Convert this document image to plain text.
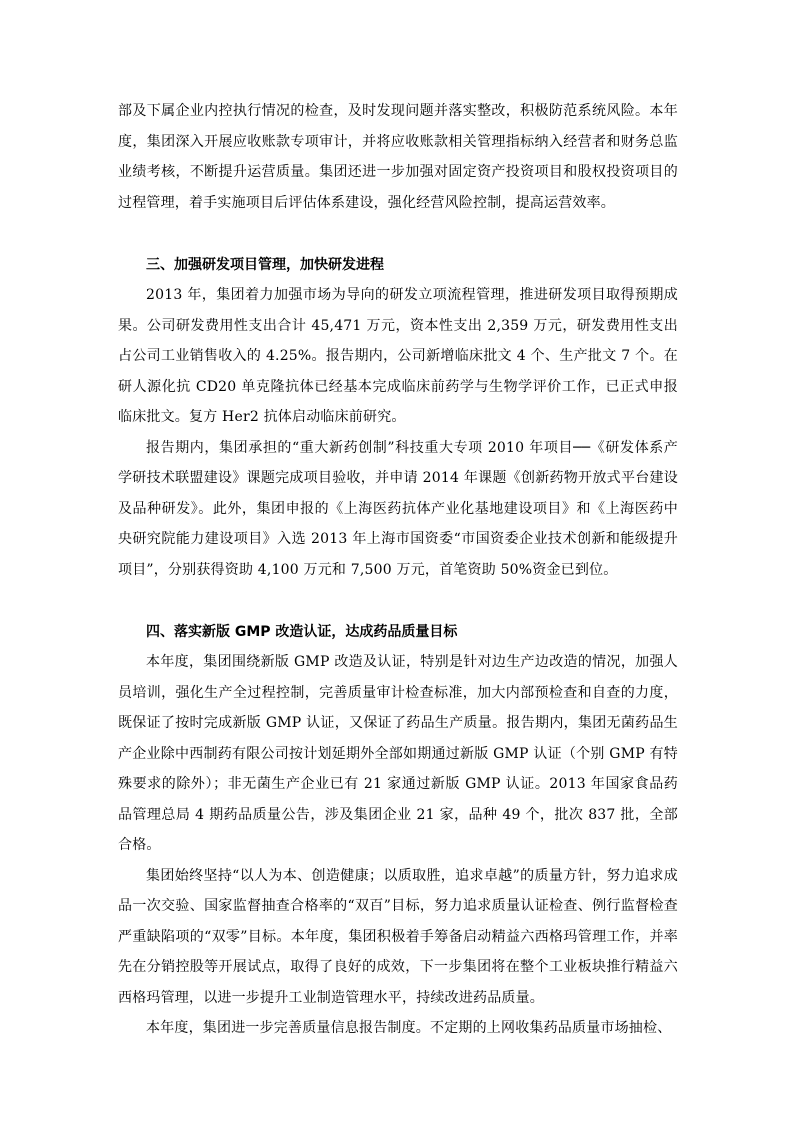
部及下属企业内控执行情况的检查，及时发现问题并落实整改，积极防范系统风险。本年度，集团深入开展应收账款专项审计，并将应收账款相关管理指标纳入经营者和财务总监业绩考核，不断提升运营质量。集团还进一步加强对固定资产投资项目和股权投资项目的过程管理，着手实施项目后评估体系建设，强化经营风险控制，提高运营效率。

三、加强研发项目管理，加快研发进程

2013 年，集团着力加强市场为导向的研发立项流程管理，推进研发项目取得预期成果。公司研发费用性支出合计 45,471 万元，资本性支出 2,359 万元，研发费用性支出占公司工业销售收入的 4.25%。报告期内，公司新增临床批文 4 个、生产批文 7 个。在研人源化抗 CD20 单克隆抗体已经基本完成临床前药学与生物学评价工作，已正式申报临床批文。复方 Her2 抗体启动临床前研究。

报告期内，集团承担的“重大新药创制”科技重大专项 2010 年项目──《研发体系产学研技术联盟建设》课题完成项目验收，并申请 2014 年课题《创新药物开放式平台建设及品种研发》。此外，集团申报的《上海医药抗体产业化基地建设项目》和《上海医药中央研究院能力建设项目》入选 2013 年上海市国资委“市国资委企业技术创新和能级提升项目”，分别获得资助 4,100 万元和 7,500 万元，首笔资助 50%资金已到位。

四、落实新版 GMP 改造认证，达成药品质量目标

本年度，集团围绕新版 GMP 改造及认证，特别是针对边生产边改造的情况，加强人员培训，强化生产全过程控制，完善质量审计检查标准，加大内部预检查和自查的力度，既保证了按时完成新版 GMP 认证，又保证了药品生产质量。报告期内，集团无菌药品生产企业除中西制药有限公司按计划延期外全部如期通过新版 GMP 认证（个别 GMP 有特殊要求的除外）；非无菌生产企业已有 21 家通过新版 GMP 认证。2013 年国家食品药品管理总局 4 期药品质量公告，涉及集团企业 21 家，品种 49 个，批次 837 批，全部合格。

集团始终坚持“以人为本、创造健康；以质取胜，追求卓越”的质量方针，努力追求成品一次交验、国家监督抽查合格率的“双百”目标，努力追求质量认证检查、例行监督检查严重缺陷项的“双零”目标。本年度，集团积极着手筹备启动精益六西格玛管理工作，并率先在分销控股等开展试点，取得了良好的成效，下一步集团将在整个工业板块推行精益六西格玛管理，以进一步提升工业制造管理水平，持续改进药品质量。

本年度，集团进一步完善质量信息报告制度。不定期的上网收集药品质量市场抽检、
